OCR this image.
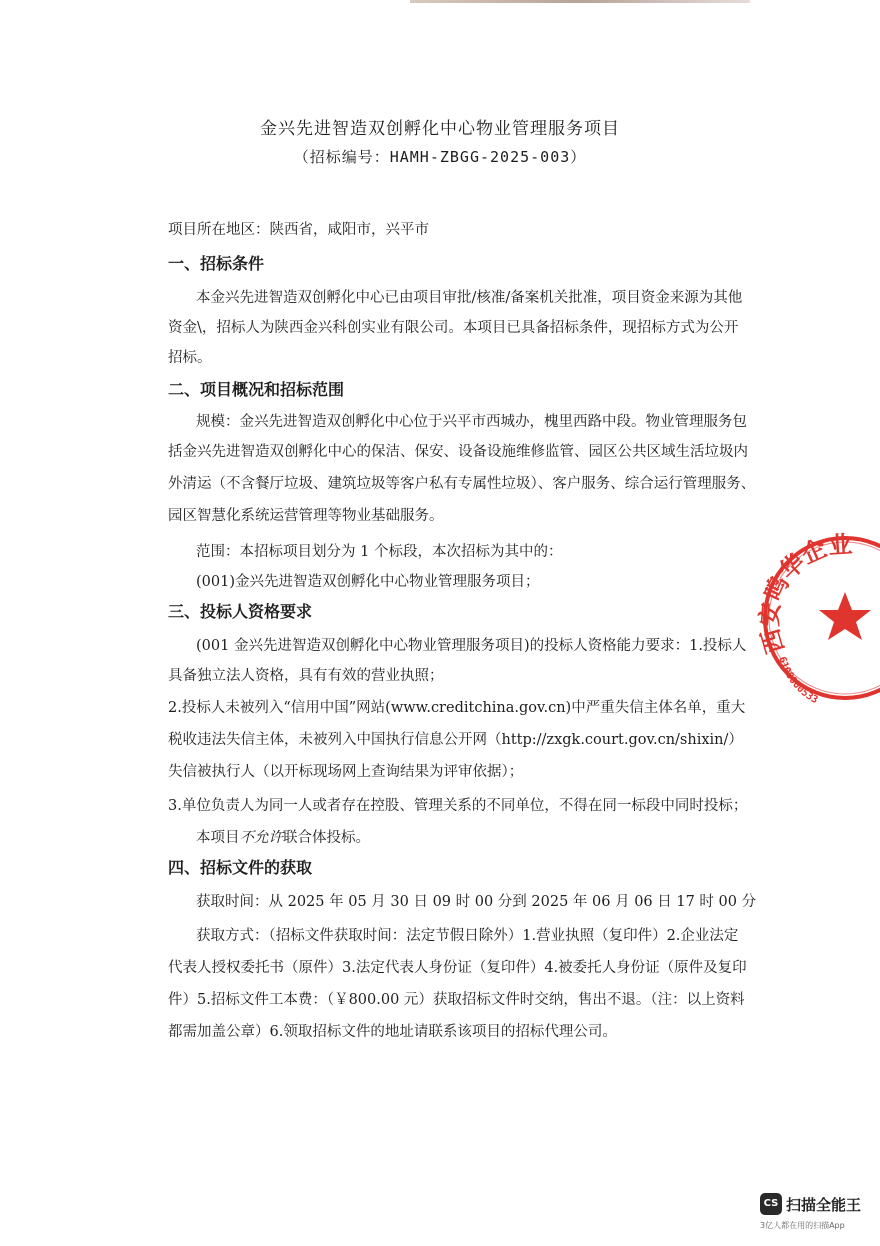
金兴先进智造双创孵化中心物业管理服务项目
（招标编号：HAMH-ZBGG-2025-003）
项目所在地区：陕西省，咸阳市，兴平市
一、招标条件
本金兴先进智造双创孵化中心已由项目审批/核准/备案机关批准，项目资金来源为其他
资金\，招标人为陕西金兴科创实业有限公司。本项目已具备招标条件，现招标方式为公开
招标。
二、项目概况和招标范围
规模：金兴先进智造双创孵化中心位于兴平市西城办，槐里西路中段。物业管理服务包
括金兴先进智造双创孵化中心的保洁、保安、设备设施维修监管、园区公共区域生活垃圾内
外清运（不含餐厅垃圾、建筑垃圾等客户私有专属性垃圾）、客户服务、综合运行管理服务、
园区智慧化系统运营管理等物业基础服务。
范围：本招标项目划分为 1 个标段，本次招标为其中的：
(001)金兴先进智造双创孵化中心物业管理服务项目；
三、投标人资格要求
(001 金兴先进智造双创孵化中心物业管理服务项目)的投标人资格能力要求：1.投标人
具备独立法人资格，具有有效的营业执照；
2.投标人未被列入“信用中国”网站(www.creditchina.gov.cn)中严重失信主体名单，重大
税收违法失信主体，未被列入中国执行信息公开网（http://zxgk.court.gov.cn/shixin/）
失信被执行人（以开标现场网上查询结果为评审依据）；
3.单位负责人为同一人或者存在控股、管理关系的不同单位，不得在同一标段中同时投标；
本项目不允许联合体投标。
四、招标文件的获取
获取时间：从 2025 年 05 月 30 日 09 时 00 分到 2025 年 06 月 06 日 17 时 00 分
获取方式：（招标文件获取时间：法定节假日除外）1.营业执照（复印件）2.企业法定
代表人授权委托书（原件）3.法定代表人身份证（复印件）4.被委托人身份证（原件及复印
件）5.招标文件工本费：（￥800.00 元）获取招标文件时交纳，售出不退。（注：以上资料
都需加盖公章）6.领取招标文件的地址请联系该项目的招标代理公司。
西安鸣华企业
6100000533
CS 扫描全能王
3亿人都在用的扫描App
